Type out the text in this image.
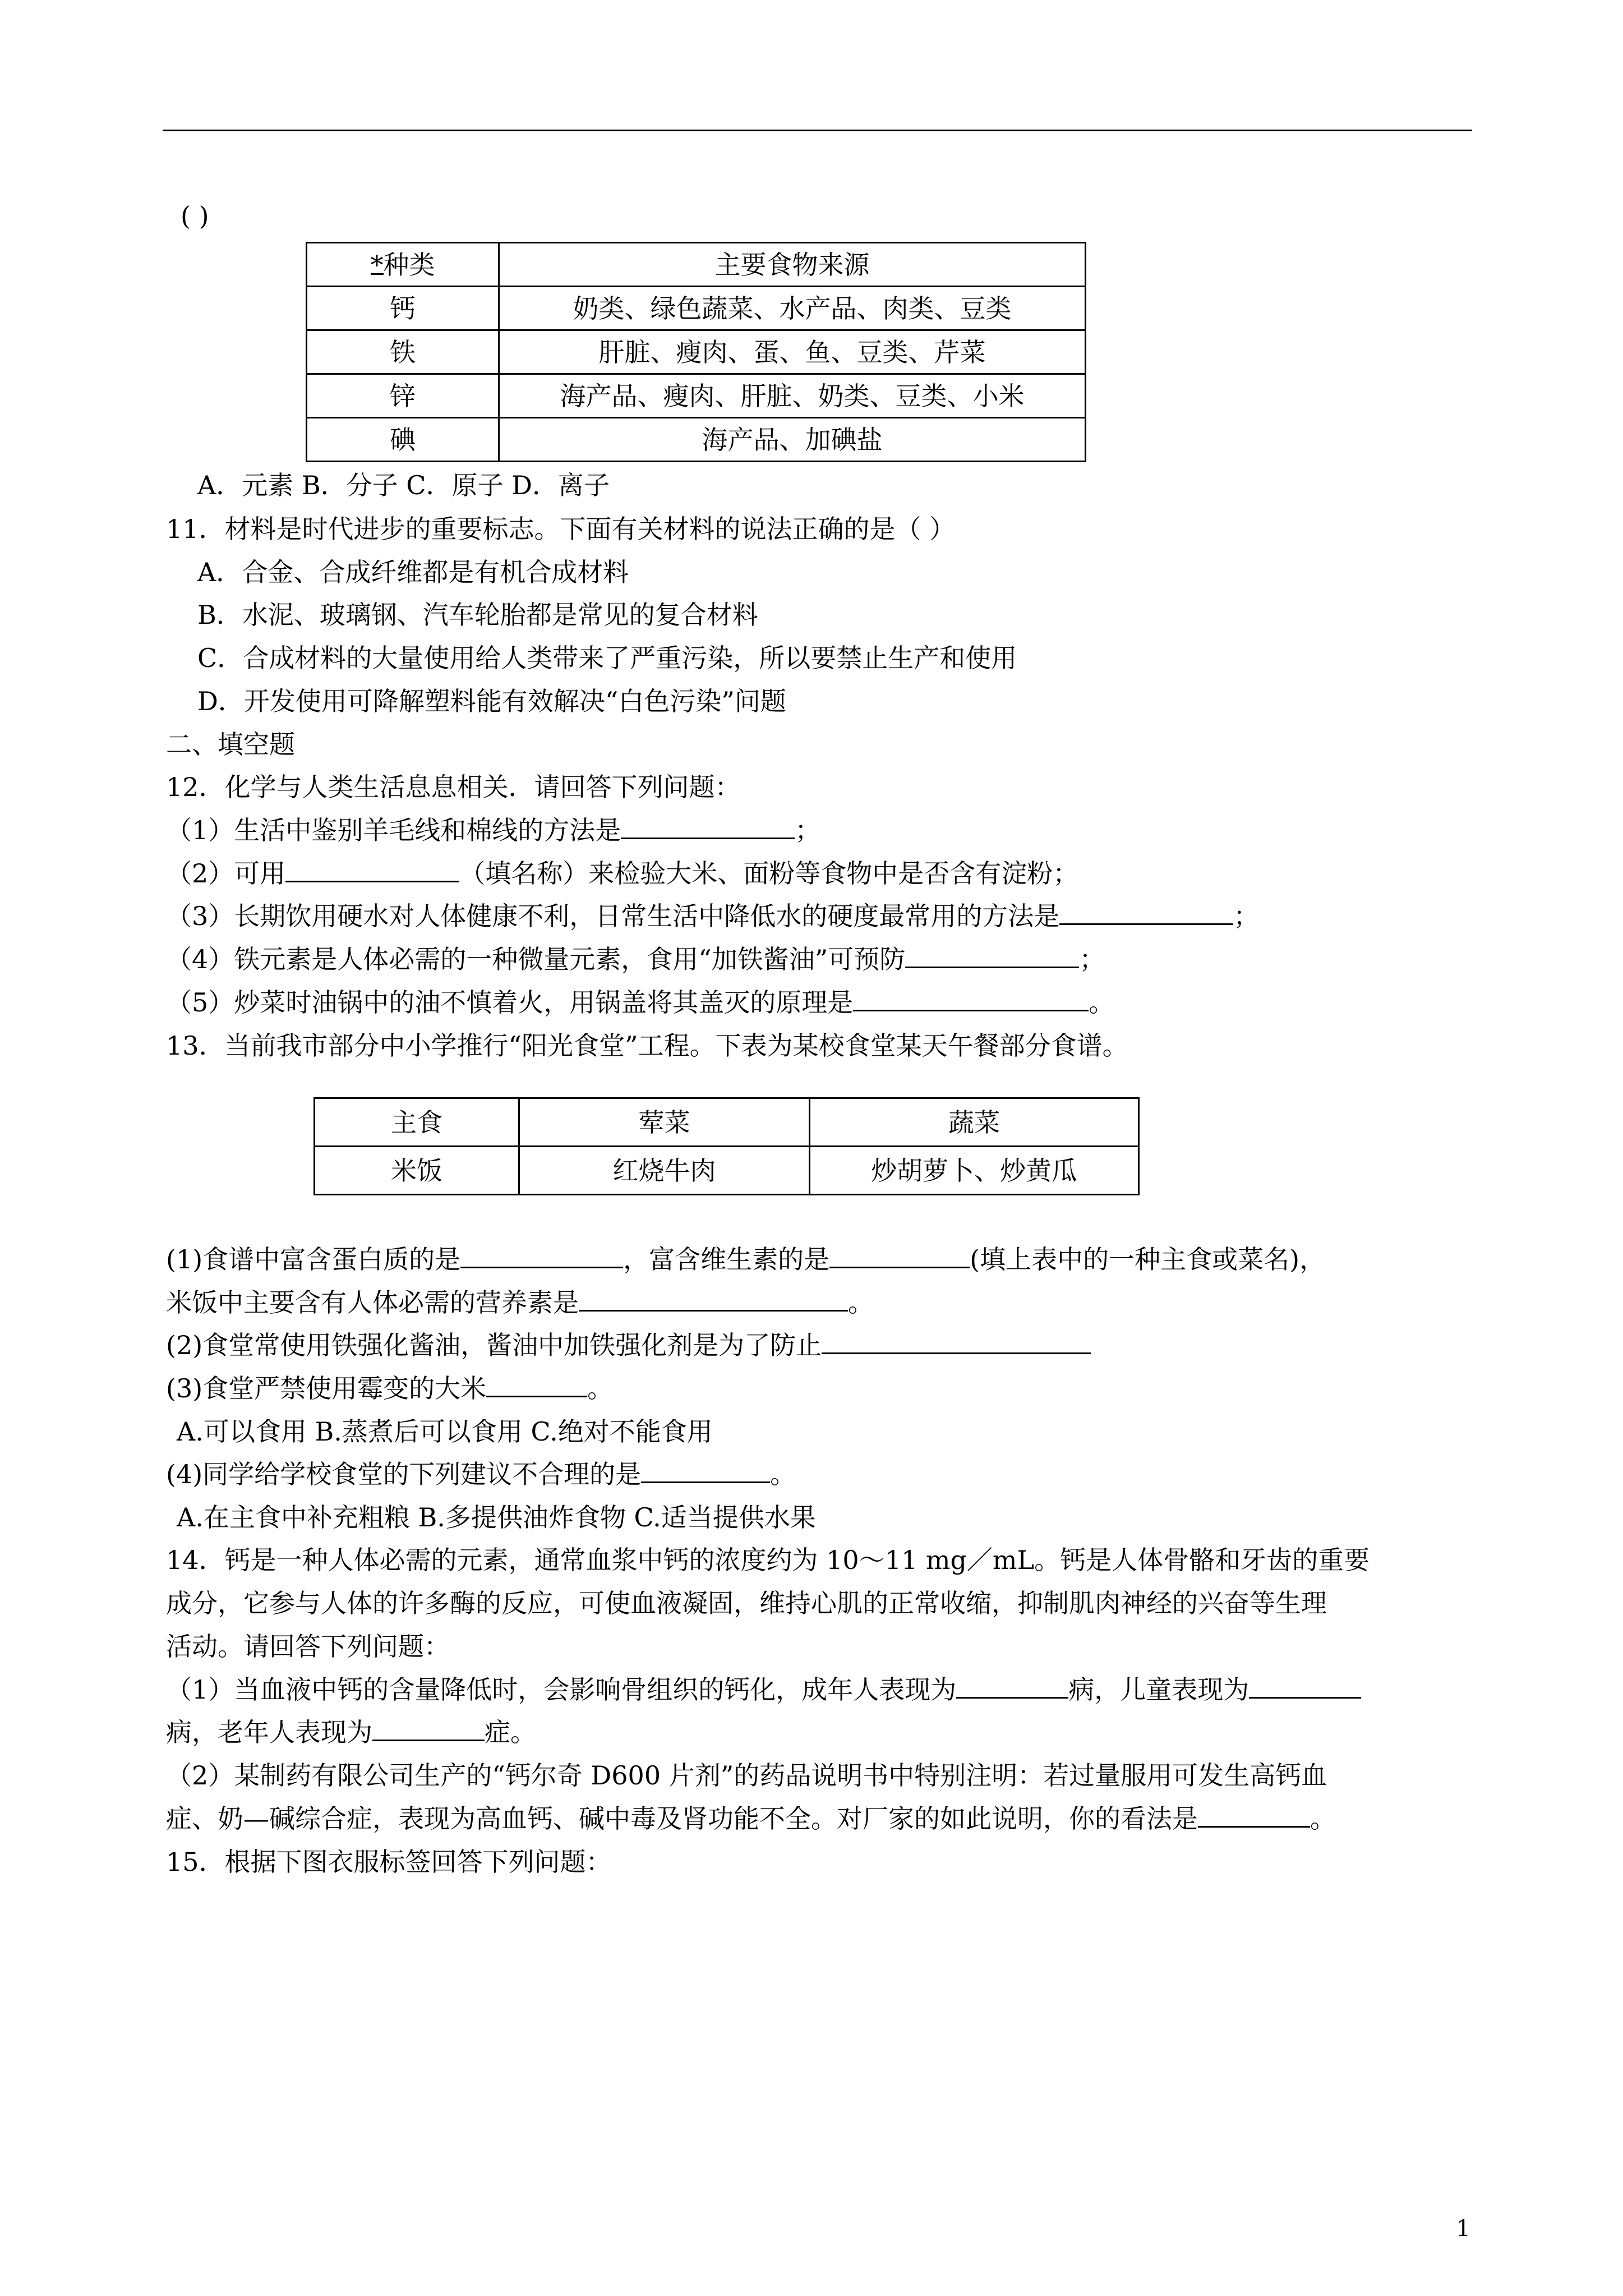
( )
*种类	主要食物来源
钙	奶类、绿色蔬菜、水产品、肉类、豆类
铁	肝脏、瘦肉、蛋、鱼、豆类、芹菜
锌	海产品、瘦肉、肝脏、奶类、豆类、小米
碘	海产品、加碘盐
A．元素 B．分子 C．原子 D．离子
11．材料是时代进步的重要标志。下面有关材料的说法正确的是（ ）
A．合金、合成纤维都是有机合成材料
B．水泥、玻璃钢、汽车轮胎都是常见的复合材料
C．合成材料的大量使用给人类带来了严重污染，所以要禁止生产和使用
D．开发使用可降解塑料能有效解决“白色污染”问题
二、填空题
12．化学与人类生活息息相关．请回答下列问题：
（1）生活中鉴别羊毛线和棉线的方法是	；
（2）可用	（填名称）来检验大米、面粉等食物中是否含有淀粉；
（3）长期饮用硬水对人体健康不利，日常生活中降低水的硬度最常用的方法是	；
（4）铁元素是人体必需的一种微量元素，食用“加铁酱油”可预防	；
（5）炒菜时油锅中的油不慎着火，用锅盖将其盖灭的原理是	。
13．当前我市部分中小学推行“阳光食堂”工程。下表为某校食堂某天午餐部分食谱。
主食	荤菜	蔬菜
米饭	红烧牛肉	炒胡萝卜、炒黄瓜
(1)食谱中富含蛋白质的是	，富含维生素的是	(填上表中的一种主食或菜名)，
米饭中主要含有人体必需的营养素是	。
(2)食堂常使用铁强化酱油，酱油中加铁强化剂是为了防止
(3)食堂严禁使用霉变的大米	。
A.可以食用 B.蒸煮后可以食用 C.绝对不能食用
(4)同学给学校食堂的下列建议不合理的是	。
A.在主食中补充粗粮 B.多提供油炸食物 C.适当提供水果
14．钙是一种人体必需的元素，通常血浆中钙的浓度约为 10～11 mg／mL。钙是人体骨骼和牙齿的重要
成分，它参与人体的许多酶的反应，可使血液凝固，维持心肌的正常收缩，抑制肌肉神经的兴奋等生理
活动。请回答下列问题：
（1）当血液中钙的含量降低时，会影响骨组织的钙化，成年人表现为	病，儿童表现为
病，老年人表现为	症。
（2）某制药有限公司生产的“钙尔奇 D600 片剂”的药品说明书中特别注明：若过量服用可发生高钙血
症、奶—碱综合症，表现为高血钙、碱中毒及肾功能不全。对厂家的如此说明，你的看法是	。
15．根据下图衣服标签回答下列问题：
1
